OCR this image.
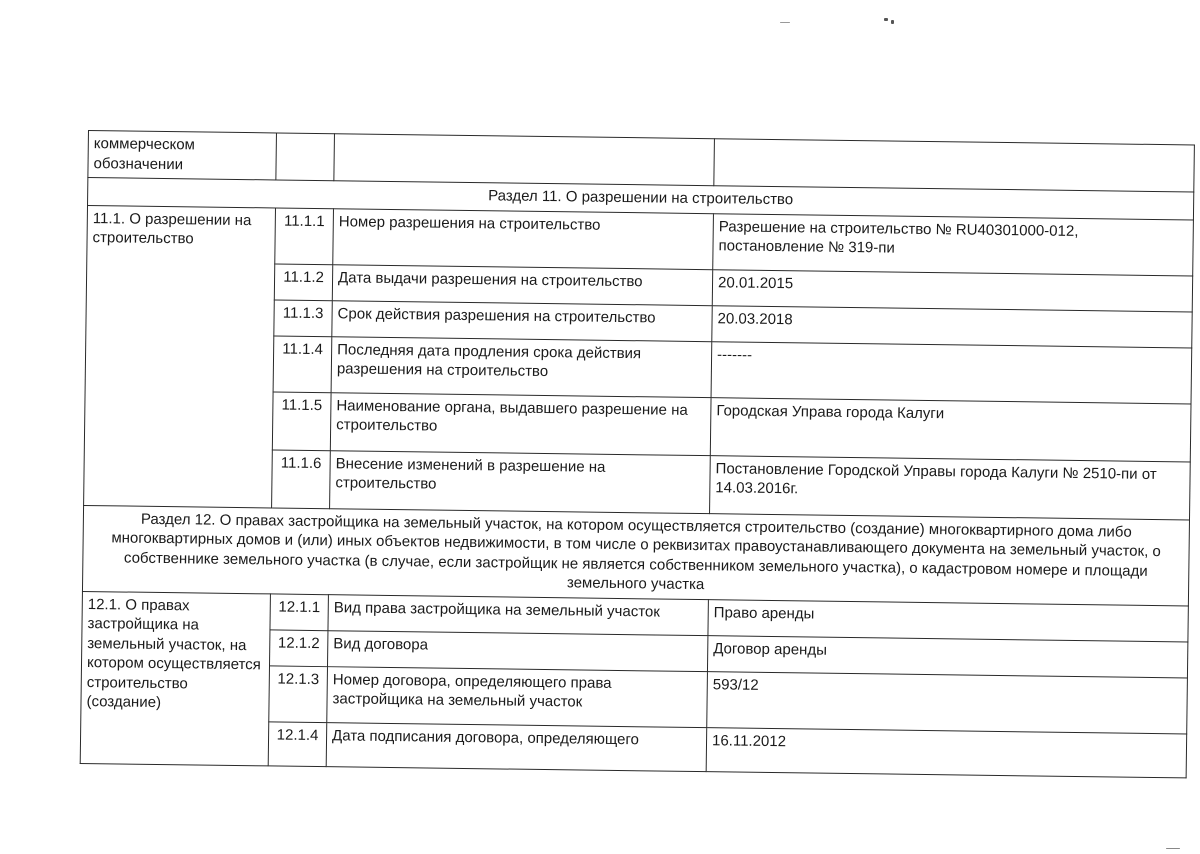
коммерческом обозначении			
Раздел 11. О разрешении на строительство			
11.1. О разрешении на строительство	11.1.1	Номер разрешения на строительство	Разрешение на строительство № RU40301000-012, постановление № 319-пи
	11.1.2	Дата выдачи разрешения на строительство	20.01.2015
	11.1.3	Срок действия разрешения на строительство	20.03.2018
	11.1.4	Последняя дата продления срока действия разрешения на строительство	-------
	11.1.5	Наименование органа, выдавшего разрешение на строительство	Городская Управа города Калуги
	11.1.6	Внесение изменений в разрешение на строительство	Постановление Городской Управы города Калуги № 2510-пи от 14.03.2016г.
Раздел 12. О правах застройщика на земельный участок, на котором осуществляется строительство (создание) многоквартирного дома либо многоквартирных домов и (или) иных объектов недвижимости, в том числе о реквизитах правоустанавливающего документа на земельный участок, о собственнике земельного участка (в случае, если застройщик не является собственником земельного участка), о кадастровом номере и площади земельного участка			
12.1. О правах застройщика на земельный участок, на котором осуществляется строительство (создание)	12.1.1	Вид права застройщика на земельный участок	Право аренды
	12.1.2	Вид договора	Договор аренды
	12.1.3	Номер договора, определяющего права застройщика на земельный участок	593/12
	12.1.4	Дата подписания договора, определяющего	16.11.2012
